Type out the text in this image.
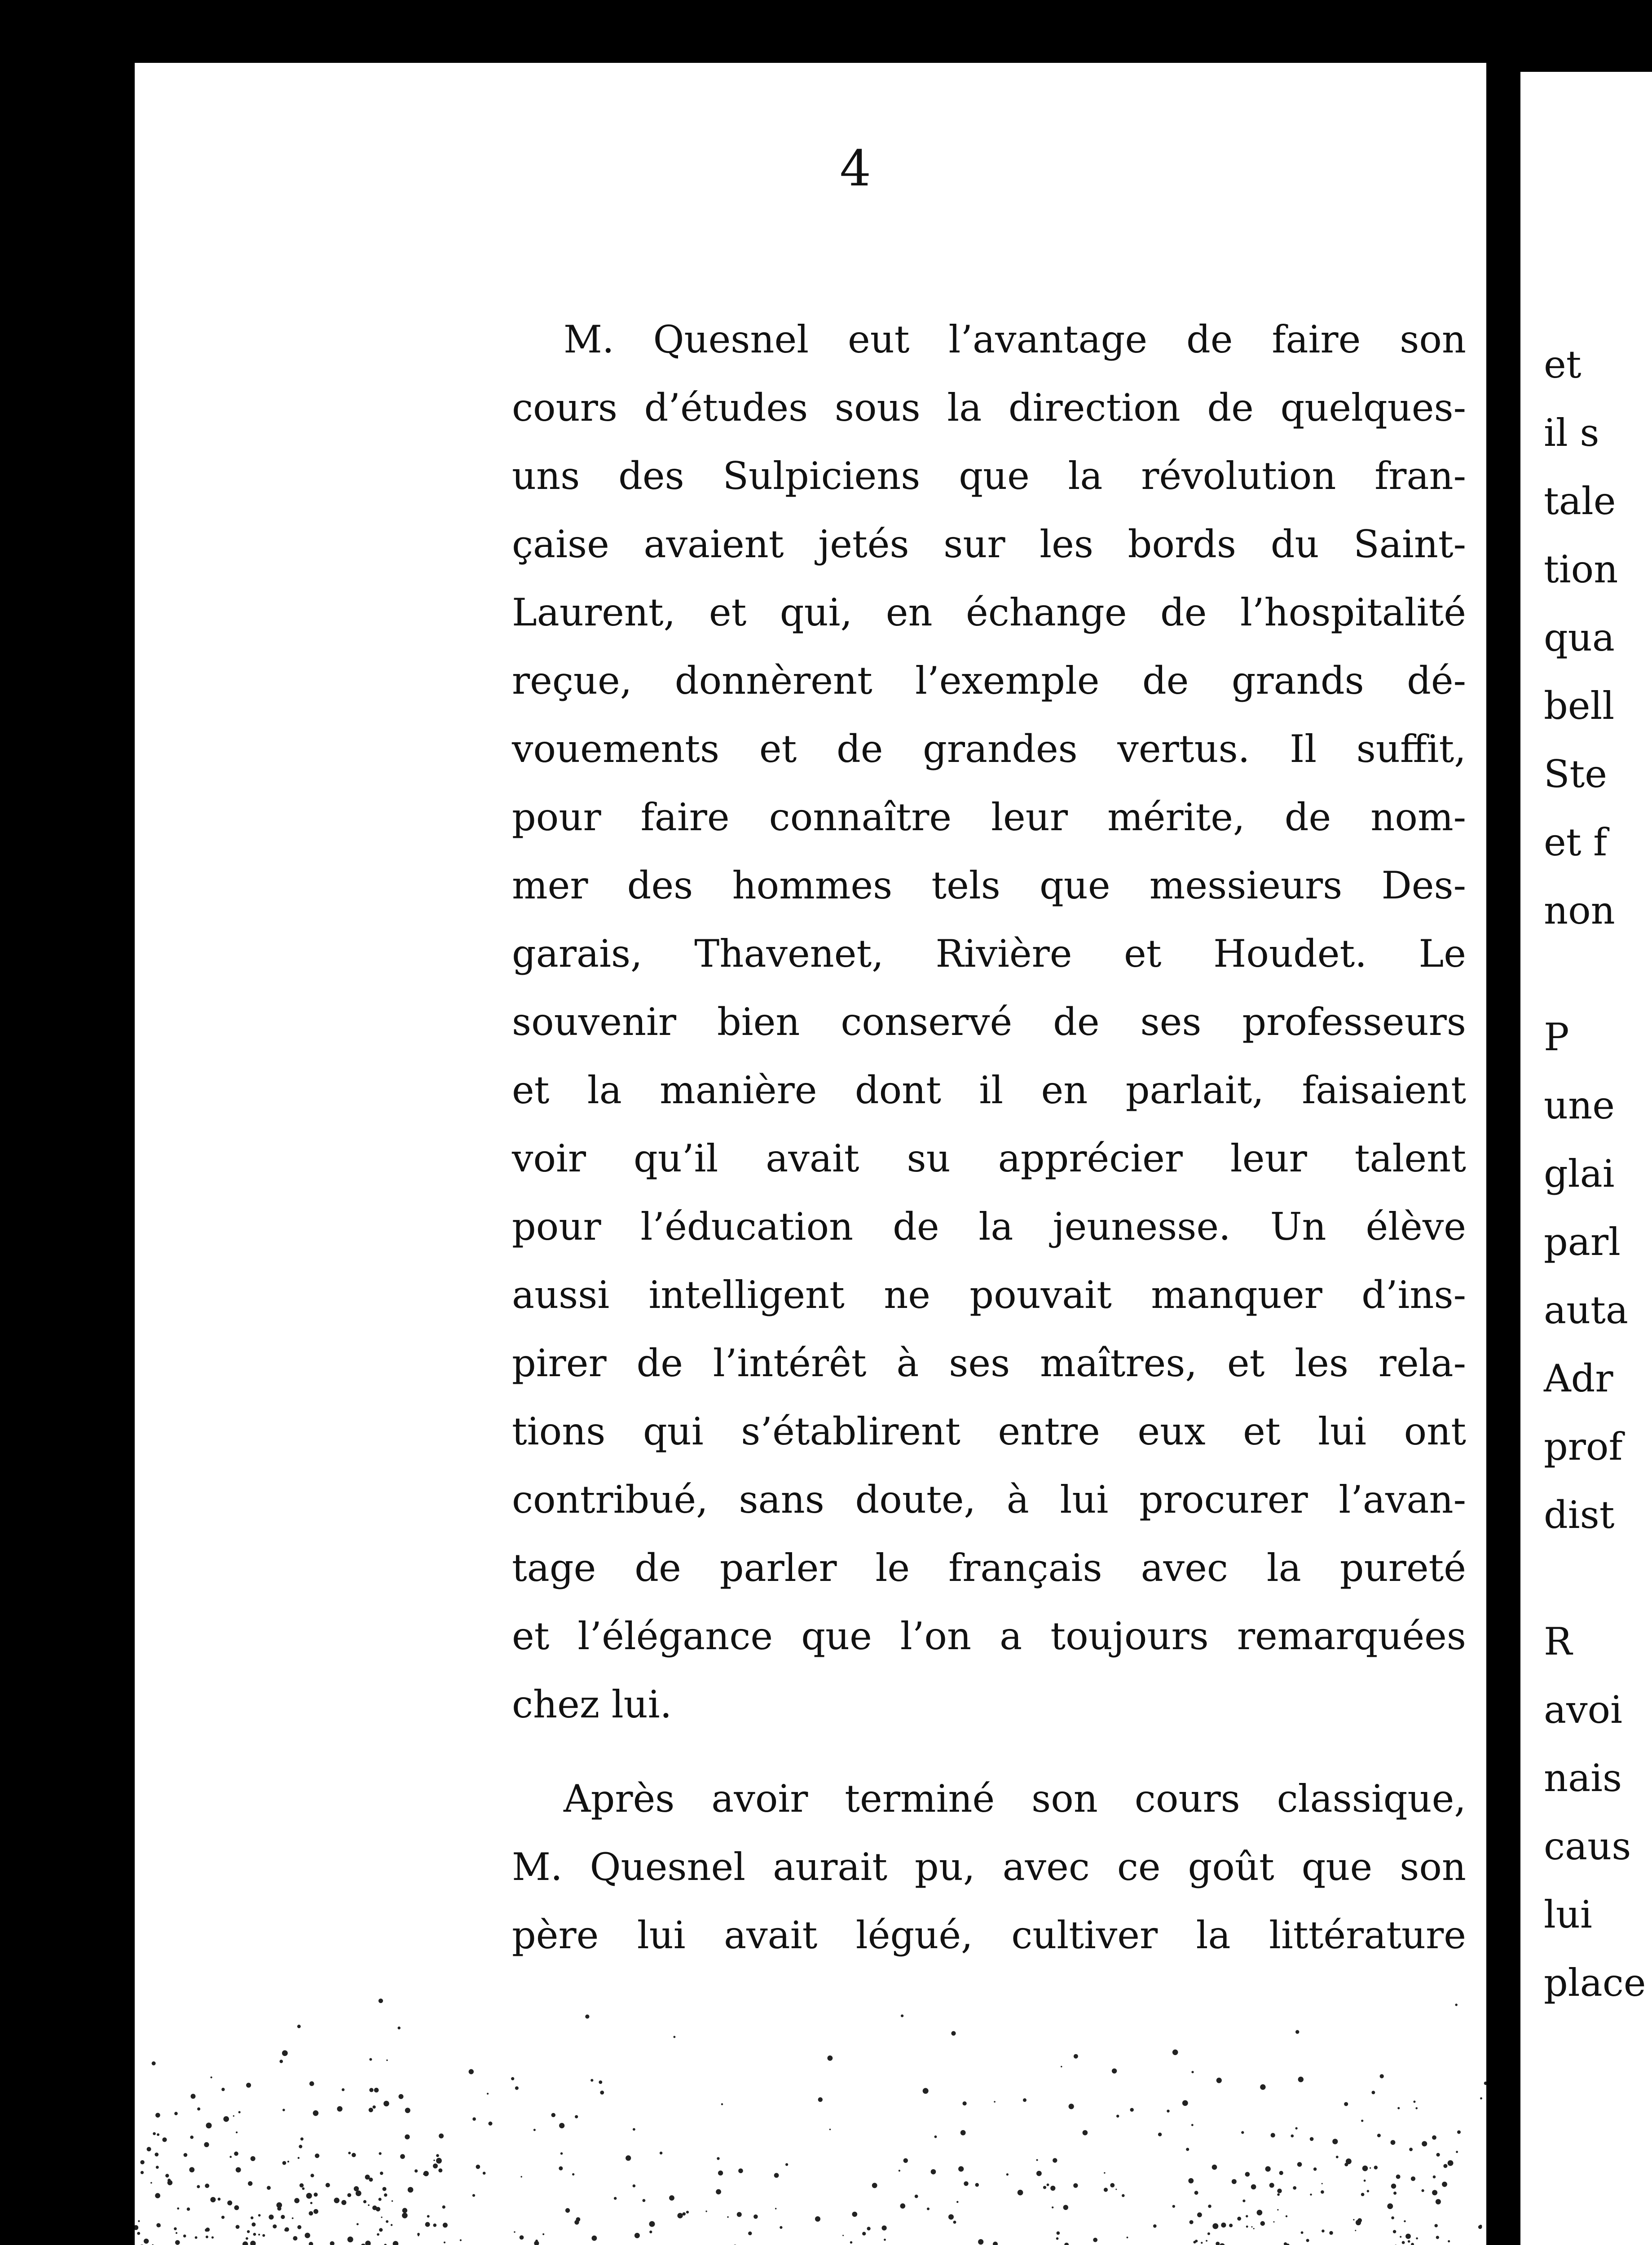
4
M. Quesnel eut l’avantage de faire son
cours d’études sous la direction de quelques-
uns des Sulpiciens que la révolution fran-
çaise avaient jetés sur les bords du Saint-
Laurent, et qui, en échange de l’hospitalité
reçue, donnèrent l’exemple de grands dé-
vouements et de grandes vertus. Il suffit,
pour faire connaître leur mérite, de nom-
mer des hommes tels que messieurs Des-
garais, Thavenet, Rivière et Houdet. Le
souvenir bien conservé de ses professeurs
et la manière dont il en parlait, faisaient
voir qu’il avait su apprécier leur talent
pour l’éducation de la jeunesse. Un élève
aussi intelligent ne pouvait manquer d’ins-
pirer de l’intérêt à ses maîtres, et les rela-
tions qui s’établirent entre eux et lui ont
contribué, sans doute, à lui procurer l’avan-
tage de parler le français avec la pureté
et l’élégance que l’on a toujours remarquées
chez lui.
Après avoir terminé son cours classique,
M. Quesnel aurait pu, avec ce goût que son
père lui avait légué, cultiver la littérature
et
il s
tale
tion
qua
bell
Ste
et f
non
P
une
glai
parl
auta
Adr
prof
dist
R
avoi
nais
caus
lui
place
